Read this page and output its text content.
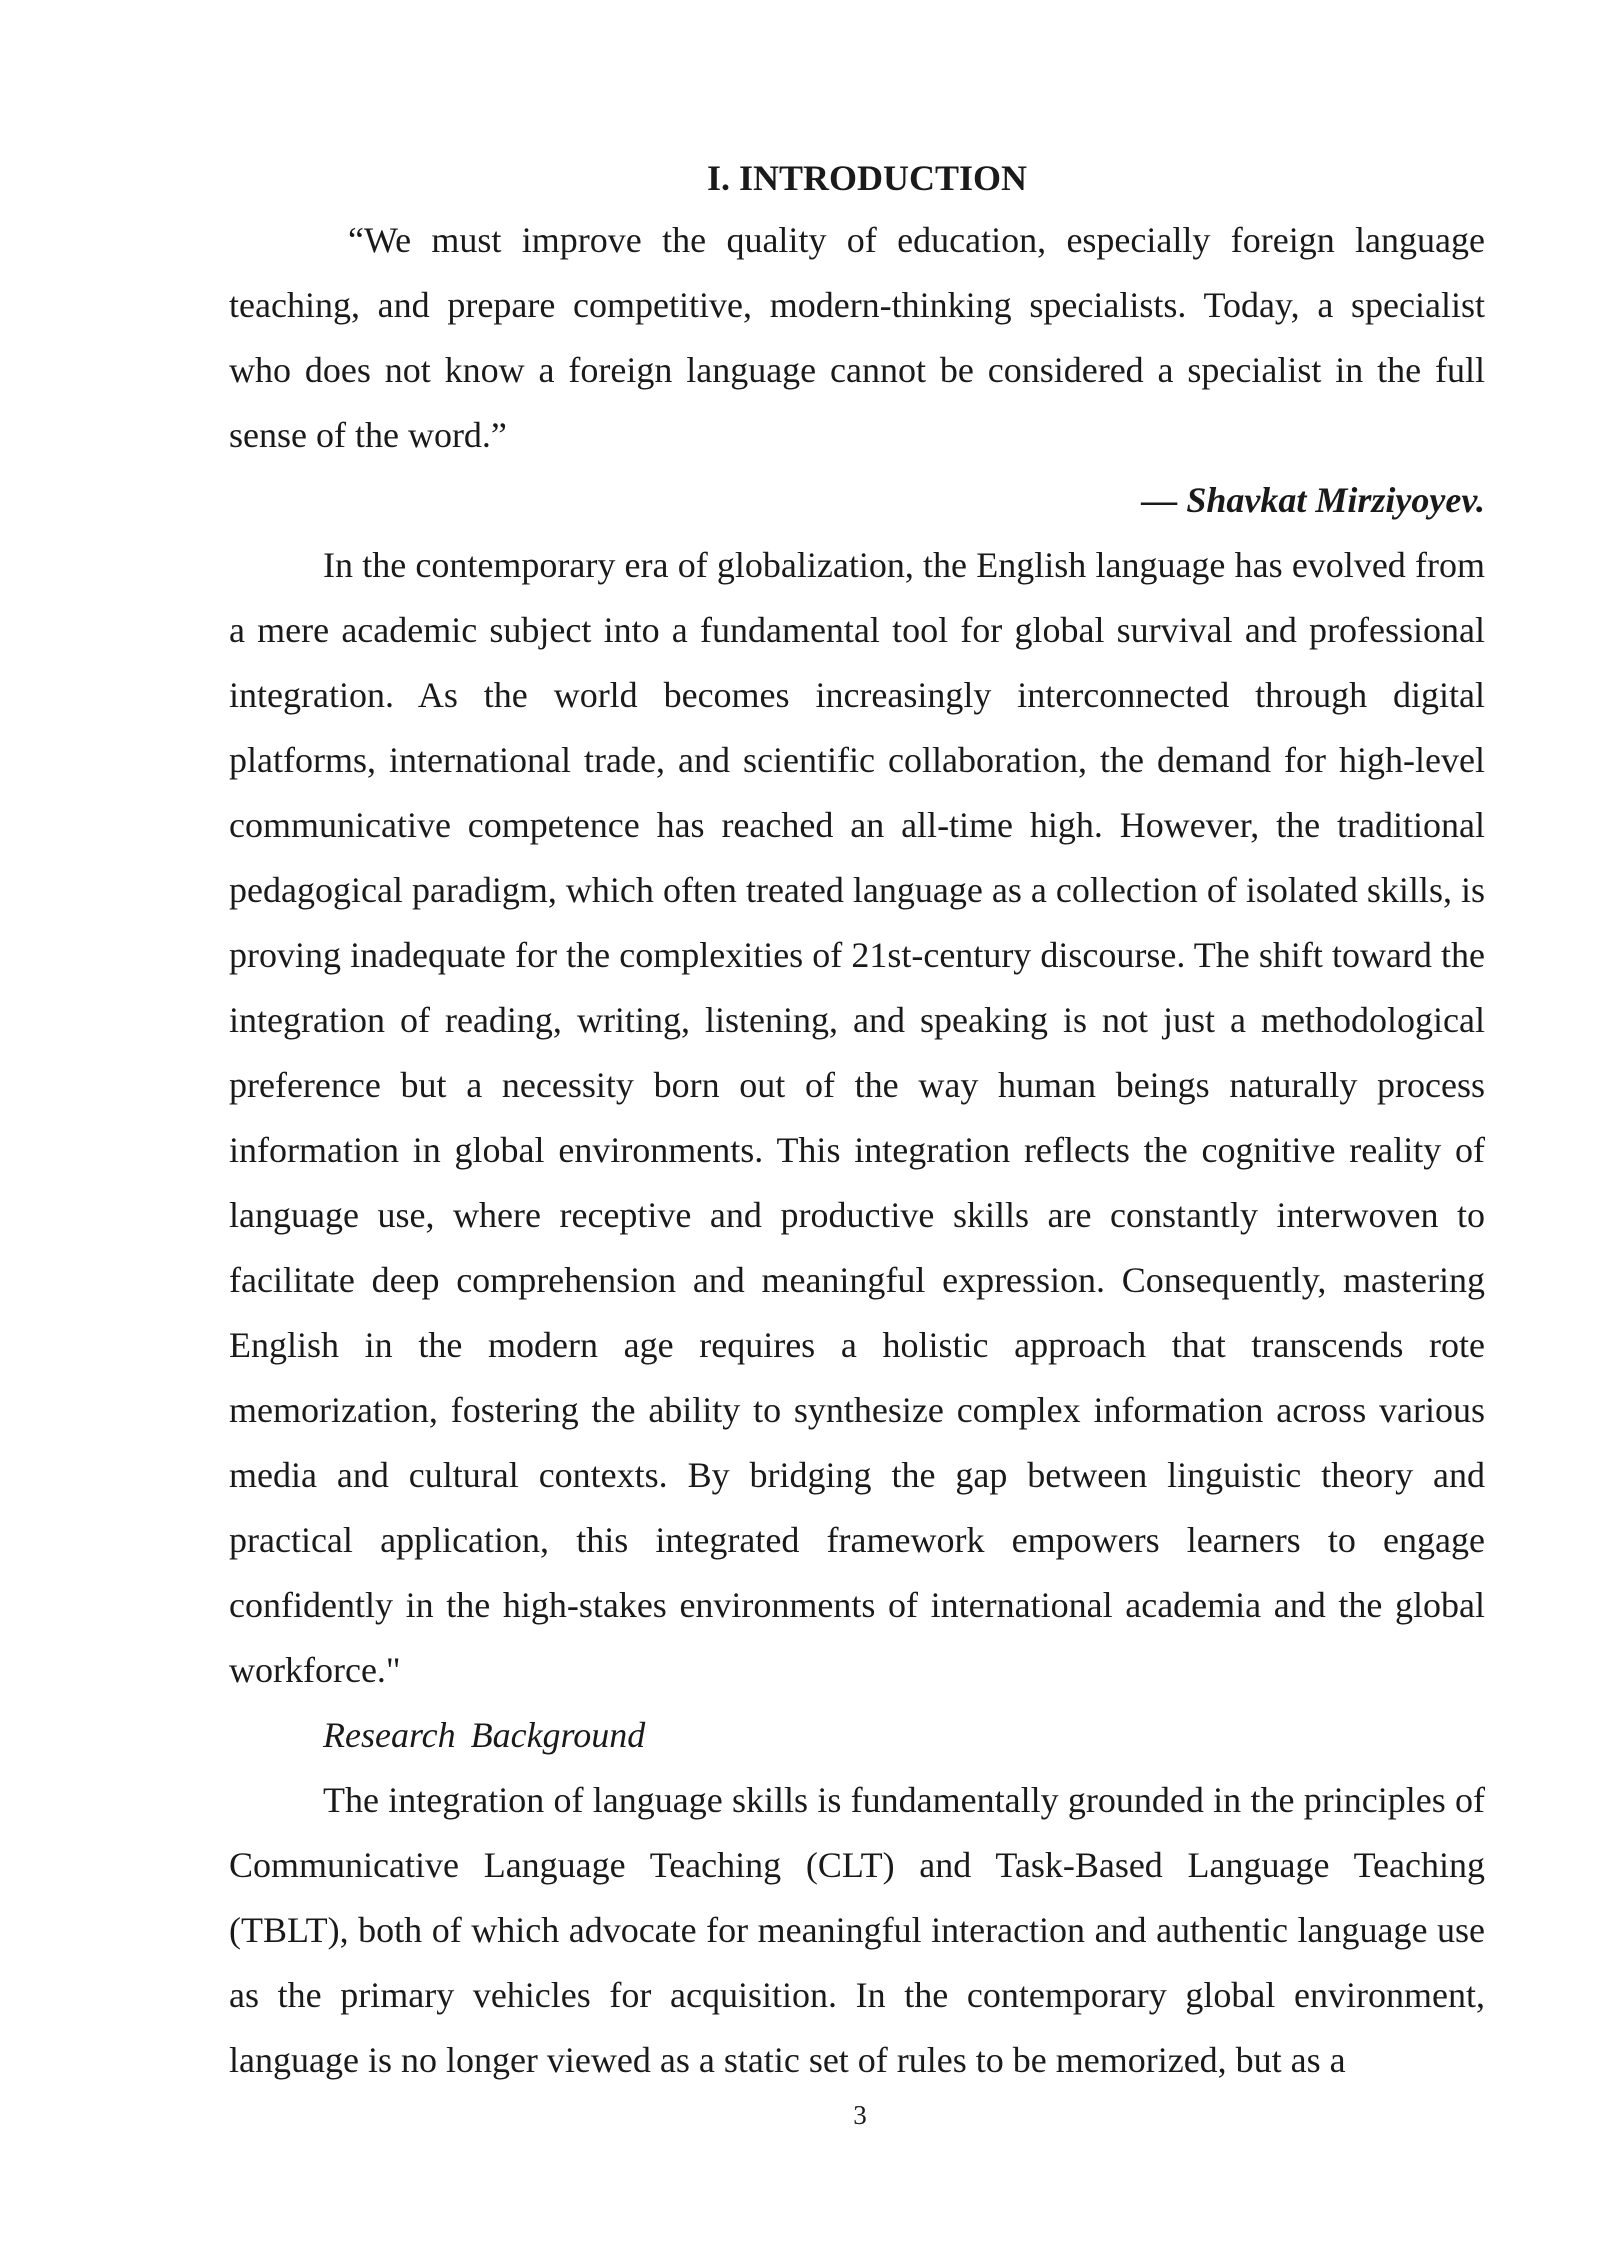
I. INTRODUCTION

“We must improve the quality of education, especially foreign language teaching, and prepare competitive, modern-thinking specialists. Today, a specialist who does not know a foreign language cannot be considered a specialist in the full sense of the word.”

— Shavkat Mirziyoyev.

In the contemporary era of globalization, the English language has evolved from a mere academic subject into a fundamental tool for global survival and professional integration. As the world becomes increasingly interconnected through digital platforms, international trade, and scientific collaboration, the demand for high-level communicative competence has reached an all-time high. However, the traditional pedagogical paradigm, which often treated language as a collection of isolated skills, is proving inadequate for the complexities of 21st-century discourse. The shift toward the integration of reading, writing, listening, and speaking is not just a methodological preference but a necessity born out of the way human beings naturally process information in global environments. This integration reflects the cognitive reality of language use, where receptive and productive skills are constantly interwoven to facilitate deep comprehension and meaningful expression. Consequently, mastering English in the modern age requires a holistic approach that transcends rote memorization, fostering the ability to synthesize complex information across various media and cultural contexts. By bridging the gap between linguistic theory and practical application, this integrated framework empowers learners to engage confidently in the high-stakes environments of international academia and the global workforce."

Research Background

The integration of language skills is fundamentally grounded in the principles of Communicative Language Teaching (CLT) and Task-Based Language Teaching (TBLT), both of which advocate for meaningful interaction and authentic language use as the primary vehicles for acquisition. In the contemporary global environment, language is no longer viewed as a static set of rules to be memorized, but as a

3
